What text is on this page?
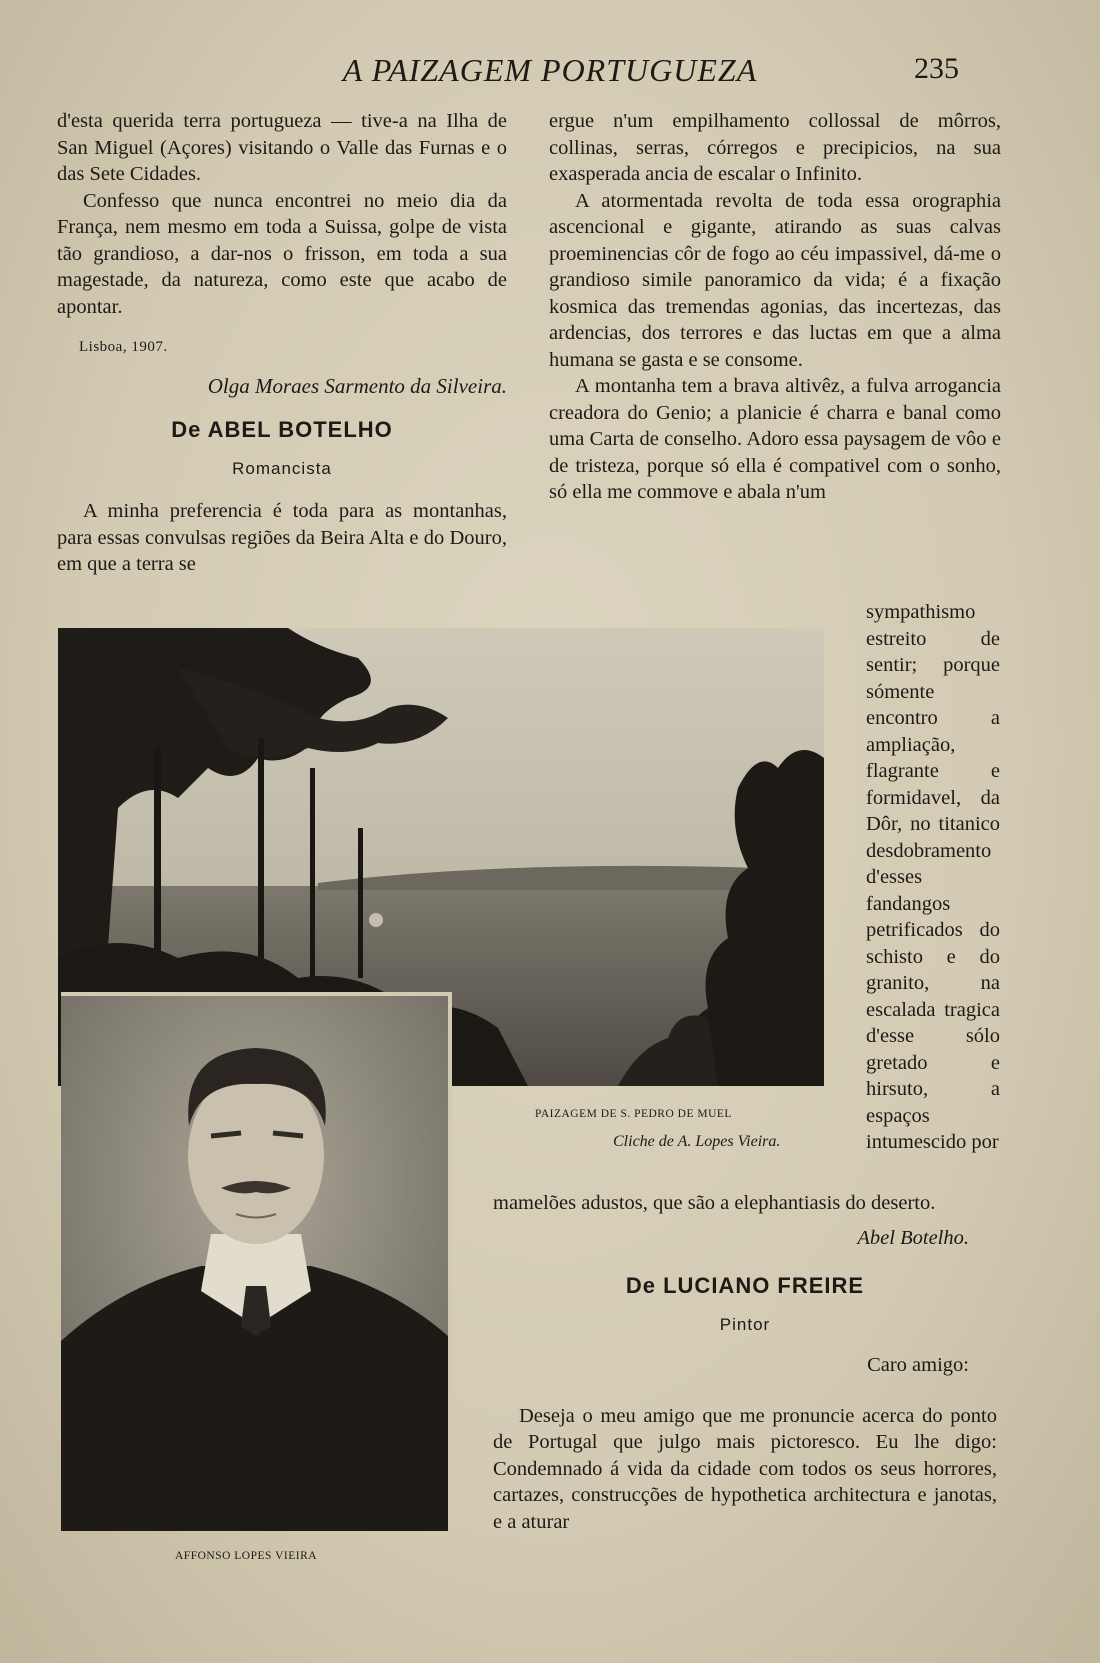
A PAIZAGEM PORTUGUEZA	235

d'esta querida terra portugueza — tive-a na Ilha de San Miguel (Açores) visitando o Valle das Furnas e o das Sete Cidades.

Confesso que nunca encontrei no meio dia da França, nem mesmo em toda a Suissa, golpe de vista tão grandioso, a dar-nos o frisson, em toda a sua magestade, da natureza, como este que acabo de apontar.

Lisboa, 1907.

Olga Moraes Sarmento da Silveira.

De ABEL BOTELHO
Romancista

A minha preferencia é toda para as montanhas, para essas convulsas regiões da Beira Alta e do Douro, em que a terra se

ergue n'um empilhamento collossal de môrros, collinas, serras, córregos e precipicios, na sua exasperada ancia de escalar o Infinito.

A atormentada revolta de toda essa orographia ascencional e gigante, atirando as suas calvas proeminencias côr de fogo ao céu impassivel, dá-me o grandioso simile panoramico da vida; é a fixação kosmica das tremendas agonias, das incertezas, das ardencias, dos terrores e das luctas em que a alma humana se gasta e se consome.

A montanha tem a brava altivêz, a fulva arrogancia creadora do Genio; a planicie é charra e banal como uma Carta de conselho. Adoro essa paysagem de vôo e de tristeza, porque só ella é compativel com o sonho, só ella me commove e abala n'um

sympathismo estreito de sentir; porque sómente encontro a ampliação, flagrante e formidavel, da Dôr, no titanico desdobramento d'esses fandangos petrificados do schisto e do granito, na escalada tragica d'esse sólo gretado e hirsuto, a espaços intumescido por

PAIZAGEM DE S. PEDRO DE MUEL
Cliche de A. Lopes Vieira.
AFFONSO LOPES VIEIRA

mamelões adustos, que são a elephantiasis do deserto.

Abel Botelho.

De LUCIANO FREIRE
Pintor

Caro amigo:

Deseja o meu amigo que me pronuncie acerca do ponto de Portugal que julgo mais pictoresco. Eu lhe digo: Condemnado á vida da cidade com todos os seus horrores, cartazes, construcções de hypothetica architectura e janotas, e a aturar
